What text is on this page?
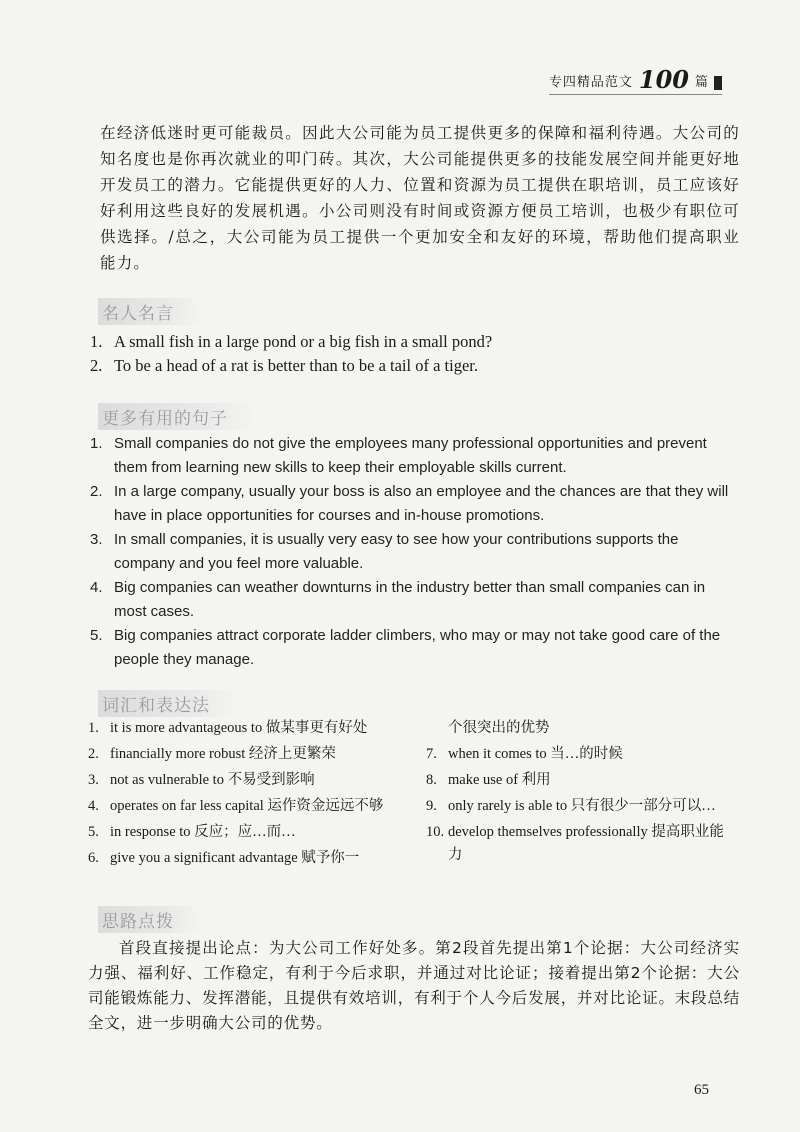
专四精品范文 100 篇

在经济低迷时更可能裁员。因此大公司能为员工提供更多的保障和福利待遇。大公司的知名度也是你再次就业的叩门砖。其次，大公司能提供更多的技能发展空间并能更好地开发员工的潜力。它能提供更好的人力、位置和资源为员工提供在职培训，员工应该好好利用这些良好的发展机遇。小公司则没有时间或资源方便员工培训，也极少有职位可供选择。/总之，大公司能为员工提供一个更加安全和友好的环境，帮助他们提高职业能力。

名人名言
1. A small fish in a large pond or a big fish in a small pond?
2. To be a head of a rat is better than to be a tail of a tiger.
更多有用的句子
1. Small companies do not give the employees many professional opportunities and prevent them from learning new skills to keep their employable skills current.
2. In a large company, usually your boss is also an employee and the chances are that they will have in place opportunities for courses and in-house promotions.
3. In small companies, it is usually very easy to see how your contributions supports the company and you feel more valuable.
4. Big companies can weather downturns in the industry better than small companies can in most cases.
5. Big companies attract corporate ladder climbers, who may or may not take good care of the people they manage.
词汇和表达法
1. it is more advantageous to 做某事更有好处
2. financially more robust 经济上更繁荣
3. not as vulnerable to 不易受到影响
4. operates on far less capital 运作资金远远不够
5. in response to 反应；应…而…
6. give you a significant advantage 赋予你一
个很突出的优势
7. when it comes to 当…的时候
8. make use of 利用
9. only rarely is able to 只有很少一部分可以…
10. develop themselves professionally 提高职业能力
思路点拨

首段直接提出论点：为大公司工作好处多。第2段首先提出第1个论据：大公司经济实力强、福利好、工作稳定，有利于今后求职，并通过对比论证；接着提出第2个论据：大公司能锻炼能力、发挥潜能，且提供有效培训，有利于个人今后发展，并对比论证。末段总结全文，进一步明确大公司的优势。

65
